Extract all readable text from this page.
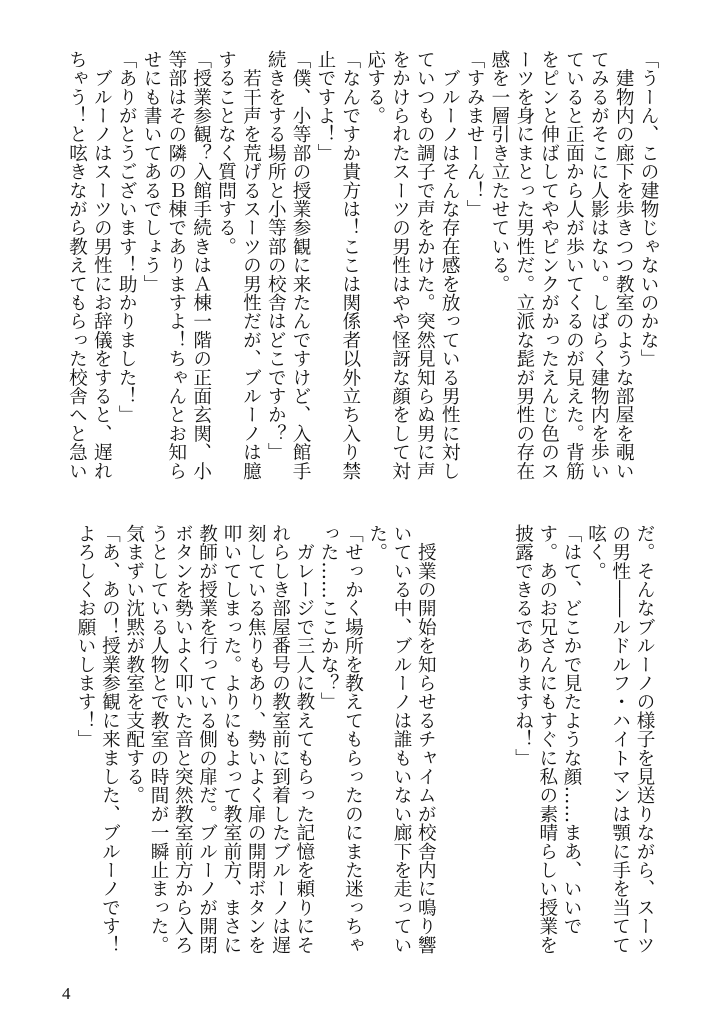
「うーん、この建物じゃないのかな」
　建物内の廊下を歩きつつ教室のような部屋を覗い
てみるがそこに人影はない。しばらく建物内を歩い
ていると正面から人が歩いてくるのが見えた。背筋
をピンと伸ばしてややピンクがかったえんじ色のス
ーツを身にまとった男性だ。立派な髭が男性の存在
感を一層引き立たせている。
「すみませーん！」
　ブルーノはそんな存在感を放っている男性に対し
ていつもの調子で声をかけた。突然見知らぬ男に声
をかけられたスーツの男性はやや怪訝な顔をして対
応する。
「なんですか貴方は！ここは関係者以外立ち入り禁
止ですよ！」
「僕、小等部の授業参観に来たんですけど、入館手
続きをする場所と小等部の校舎はどこですか？」
　若干声を荒げるスーツの男性だが、ブルーノは臆
することなく質問する。
「授業参観？入館手続きはＡ棟一階の正面玄関、小
等部はその隣のＢ棟でありますよ！ちゃんとお知ら
せにも書いてあるでしょう」
「ありがとうございます！助かりました！」
　ブルーノはスーツの男性にお辞儀をすると、遅れ
ちゃう！と呟きながら教えてもらった校舎へと急い
だ。そんなブルーノの様子を見送りながら、スーツ
の男性――ルドルフ・ハイトマンは顎に手を当てて
呟く。
「はて、どこかで見たような顔……まあ、いいで
す。あのお兄さんにもすぐに私の素晴らしい授業を
披露できるでありますね！」
　授業の開始を知らせるチャイムが校舎内に鳴り響
いている中、ブルーノは誰もいない廊下を走ってい
た。
「せっかく場所を教えてもらったのにまた迷っちゃ
った……ここかな？」
　ガレージで三人に教えてもらった記憶を頼りにそ
れらしき部屋番号の教室前に到着したブルーノは遅
刻している焦りもあり、勢いよく扉の開閉ボタンを
叩いてしまった。よりにもよって教室前方、まさに
教師が授業を行っている側の扉だ。ブルーノが開閉
ボタンを勢いよく叩いた音と突然教室前方から入ろ
うとしている人物とで教室の時間が一瞬止まった。
気まずい沈黙が教室を支配する。
「あ、あの！授業参観に来ました、ブルーノです！
よろしくお願いします！」
4
